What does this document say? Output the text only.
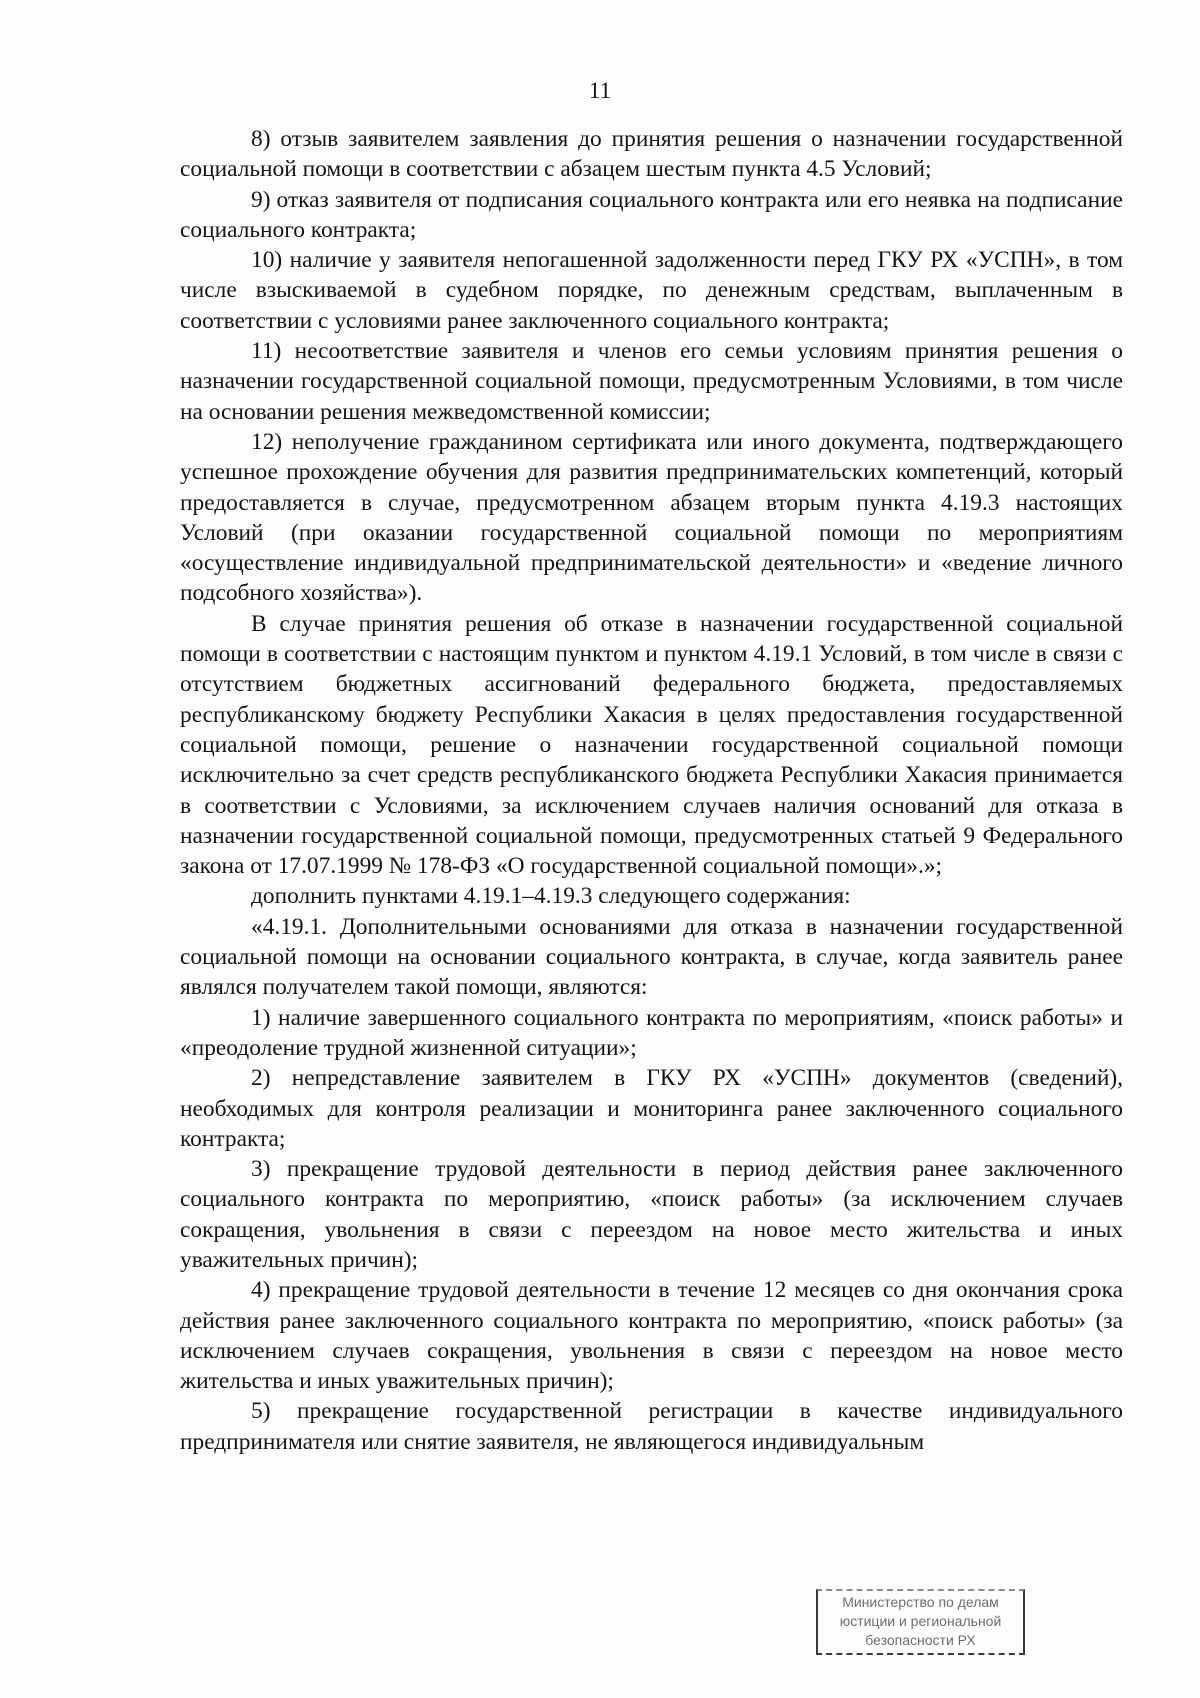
11

8) отзыв заявителем заявления до принятия решения о назначении государственной социальной помощи в соответствии с абзацем шестым пункта 4.5 Условий;

9) отказ заявителя от подписания социального контракта или его неявка на подписание социального контракта;

10) наличие у заявителя непогашенной задолженности перед ГКУ РХ «УСПН», в том числе взыскиваемой в судебном порядке, по денежным средствам, выплаченным в соответствии с условиями ранее заключенного социального контракта;

11) несоответствие заявителя и членов его семьи условиям принятия решения о назначении государственной социальной помощи, предусмотренным Условиями, в том числе на основании решения межведомственной комиссии;

12) неполучение гражданином сертификата или иного документа, подтверждающего успешное прохождение обучения для развития предпринимательских компетенций, который предоставляется в случае, предусмотренном абзацем вторым пункта 4.19.3 настоящих Условий (при оказании государственной социальной помощи по мероприятиям «осуществление индивидуальной предпринимательской деятельности» и «ведение личного подсобного хозяйства»).

В случае принятия решения об отказе в назначении государственной социальной помощи в соответствии с настоящим пунктом и пунктом 4.19.1 Условий, в том числе в связи с отсутствием бюджетных ассигнований федерального бюджета, предоставляемых республиканскому бюджету Республики Хакасия в целях предоставления государственной социальной помощи, решение о назначении государственной социальной помощи исключительно за счет средств республиканского бюджета Республики Хакасия принимается в соответствии с Условиями, за исключением случаев наличия оснований для отказа в назначении государственной социальной помощи, предусмотренных статьей 9 Федерального закона от 17.07.1999 № 178-ФЗ «О государственной социальной помощи».»;

дополнить пунктами 4.19.1–4.19.3 следующего содержания:

«4.19.1. Дополнительными основаниями для отказа в назначении государственной социальной помощи на основании социального контракта, в случае, когда заявитель ранее являлся получателем такой помощи, являются:

1) наличие завершенного социального контракта по мероприятиям, «поиск работы» и «преодоление трудной жизненной ситуации»;

2) непредставление заявителем в ГКУ РХ «УСПН» документов (сведений), необходимых для контроля реализации и мониторинга ранее заключенного социального контракта;

3) прекращение трудовой деятельности в период действия ранее заключенного социального контракта по мероприятию, «поиск работы» (за исключением случаев сокращения, увольнения в связи с переездом на новое место жительства и иных уважительных причин);

4) прекращение трудовой деятельности в течение 12 месяцев со дня окончания срока действия ранее заключенного социального контракта по мероприятию, «поиск работы» (за исключением случаев сокращения, увольнения в связи с переездом на новое место жительства и иных уважительных причин);

5) прекращение государственной регистрации в качестве индивидуального предпринимателя или снятие заявителя, не являющегося индивидуальным

Министерство по делам
юстиции и региональной
безопасности РХ
